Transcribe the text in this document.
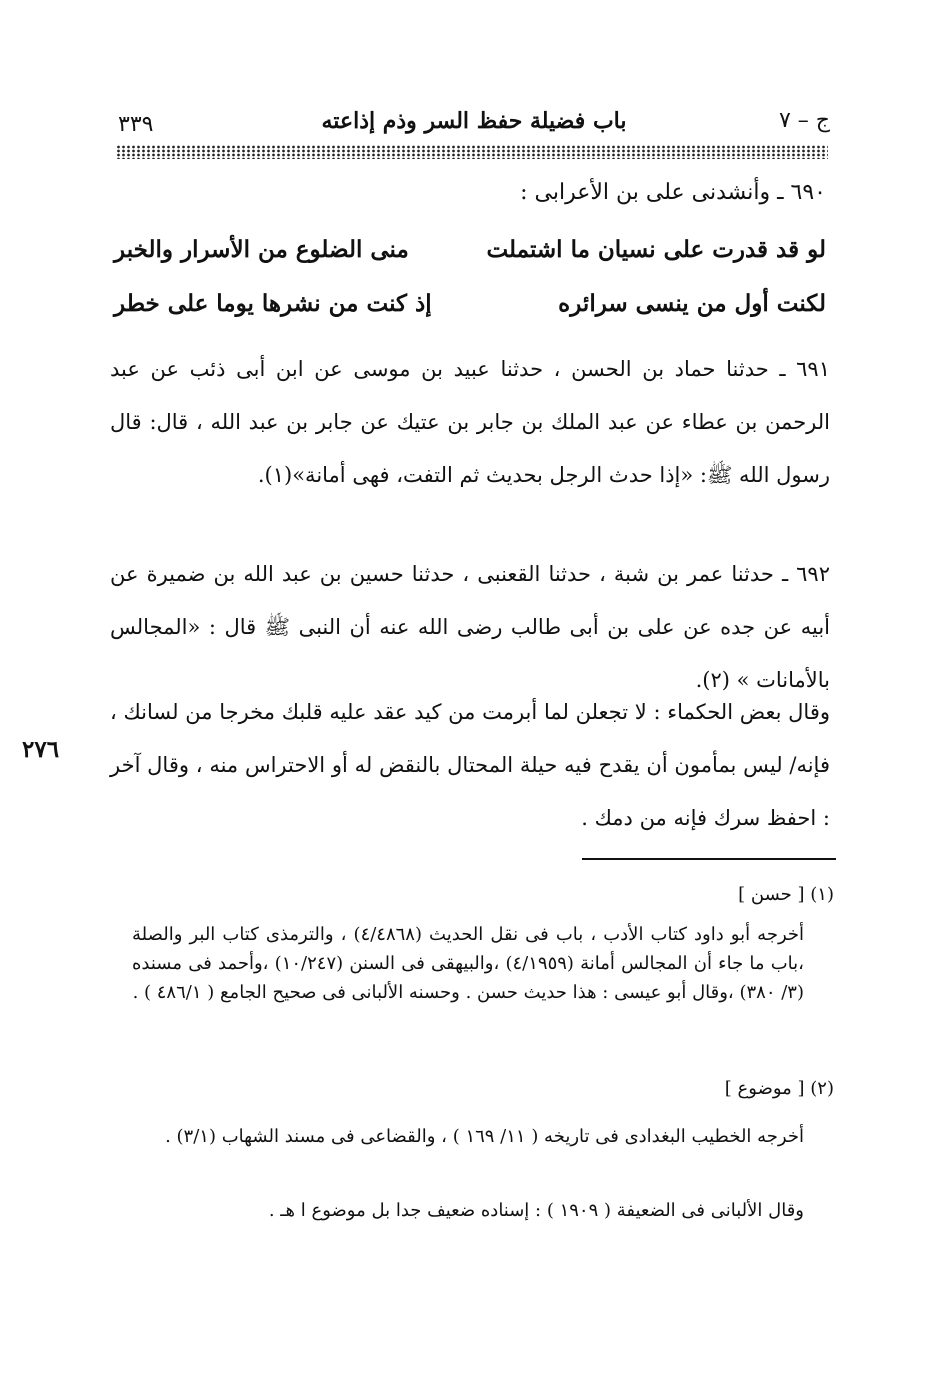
ج – ٧
باب فضيلة حفظ السر وذم إذاعته
٣٣٩
٦٩٠ ـ وأنشدنى على بن الأعرابى :
لو قد قدرت على نسيان ما اشتملت
منى الضلوع من الأسرار والخبر
لكنت أول من ينسى سرائره
إذ كنت من نشرها يوما على خطر
٦٩١ ـ حدثنا حماد بن الحسن ، حدثنا عبيد بن موسى عن ابن أبى ذئب عن عبد الرحمن بن عطاء عن عبد الملك بن جابر بن عتيك عن جابر بن عبد الله ، قال: قال رسول الله ﷺ: «إذا حدث الرجل بحديث ثم التفت، فهى أمانة»(١).
٦٩٢ ـ حدثنا عمر بن شبة ، حدثنا القعنبى ، حدثنا حسين بن عبد الله بن ضميرة عن أبيه عن جده عن على بن أبى طالب رضى الله عنه أن النبى ﷺ قال : «المجالس بالأمانات » (٢).
وقال بعض الحكماء : لا تجعلن لما أبرمت من كيد عقد عليه قلبك مخرجا من لسانك ، فإنه/ ليس بمأمون أن يقدح فيه حيلة المحتال بالنقض له أو الاحتراس منه ، وقال آخر : احفظ سرك فإنه من دمك .
٢٧٦
(١) [ حسن ]
أخرجه أبو داود كتاب الأدب ، باب فى نقل الحديث (٤/٤٨٦٨) ، والترمذى كتاب البر والصلة ،باب ما جاء أن المجالس أمانة (٤/١٩٥٩) ،والبيهقى فى السنن (١٠/٢٤٧) ،وأحمد فى مسنده (٣/ ٣٨٠) ،وقال أبو عيسى : هذا حديث حسن . وحسنه الألبانى فى صحيح الجامع ( ٤٨٦/١ ) .
(٢) [ موضوع ]
أخرجه الخطيب البغدادى فى تاريخه ( ١١/ ١٦٩ ) ، والقضاعى فى مسند الشهاب (٣/١) .
وقال الألبانى فى الضعيفة ( ١٩٠٩ ) : إسناده ضعيف جدا بل موضوع ا هـ .
